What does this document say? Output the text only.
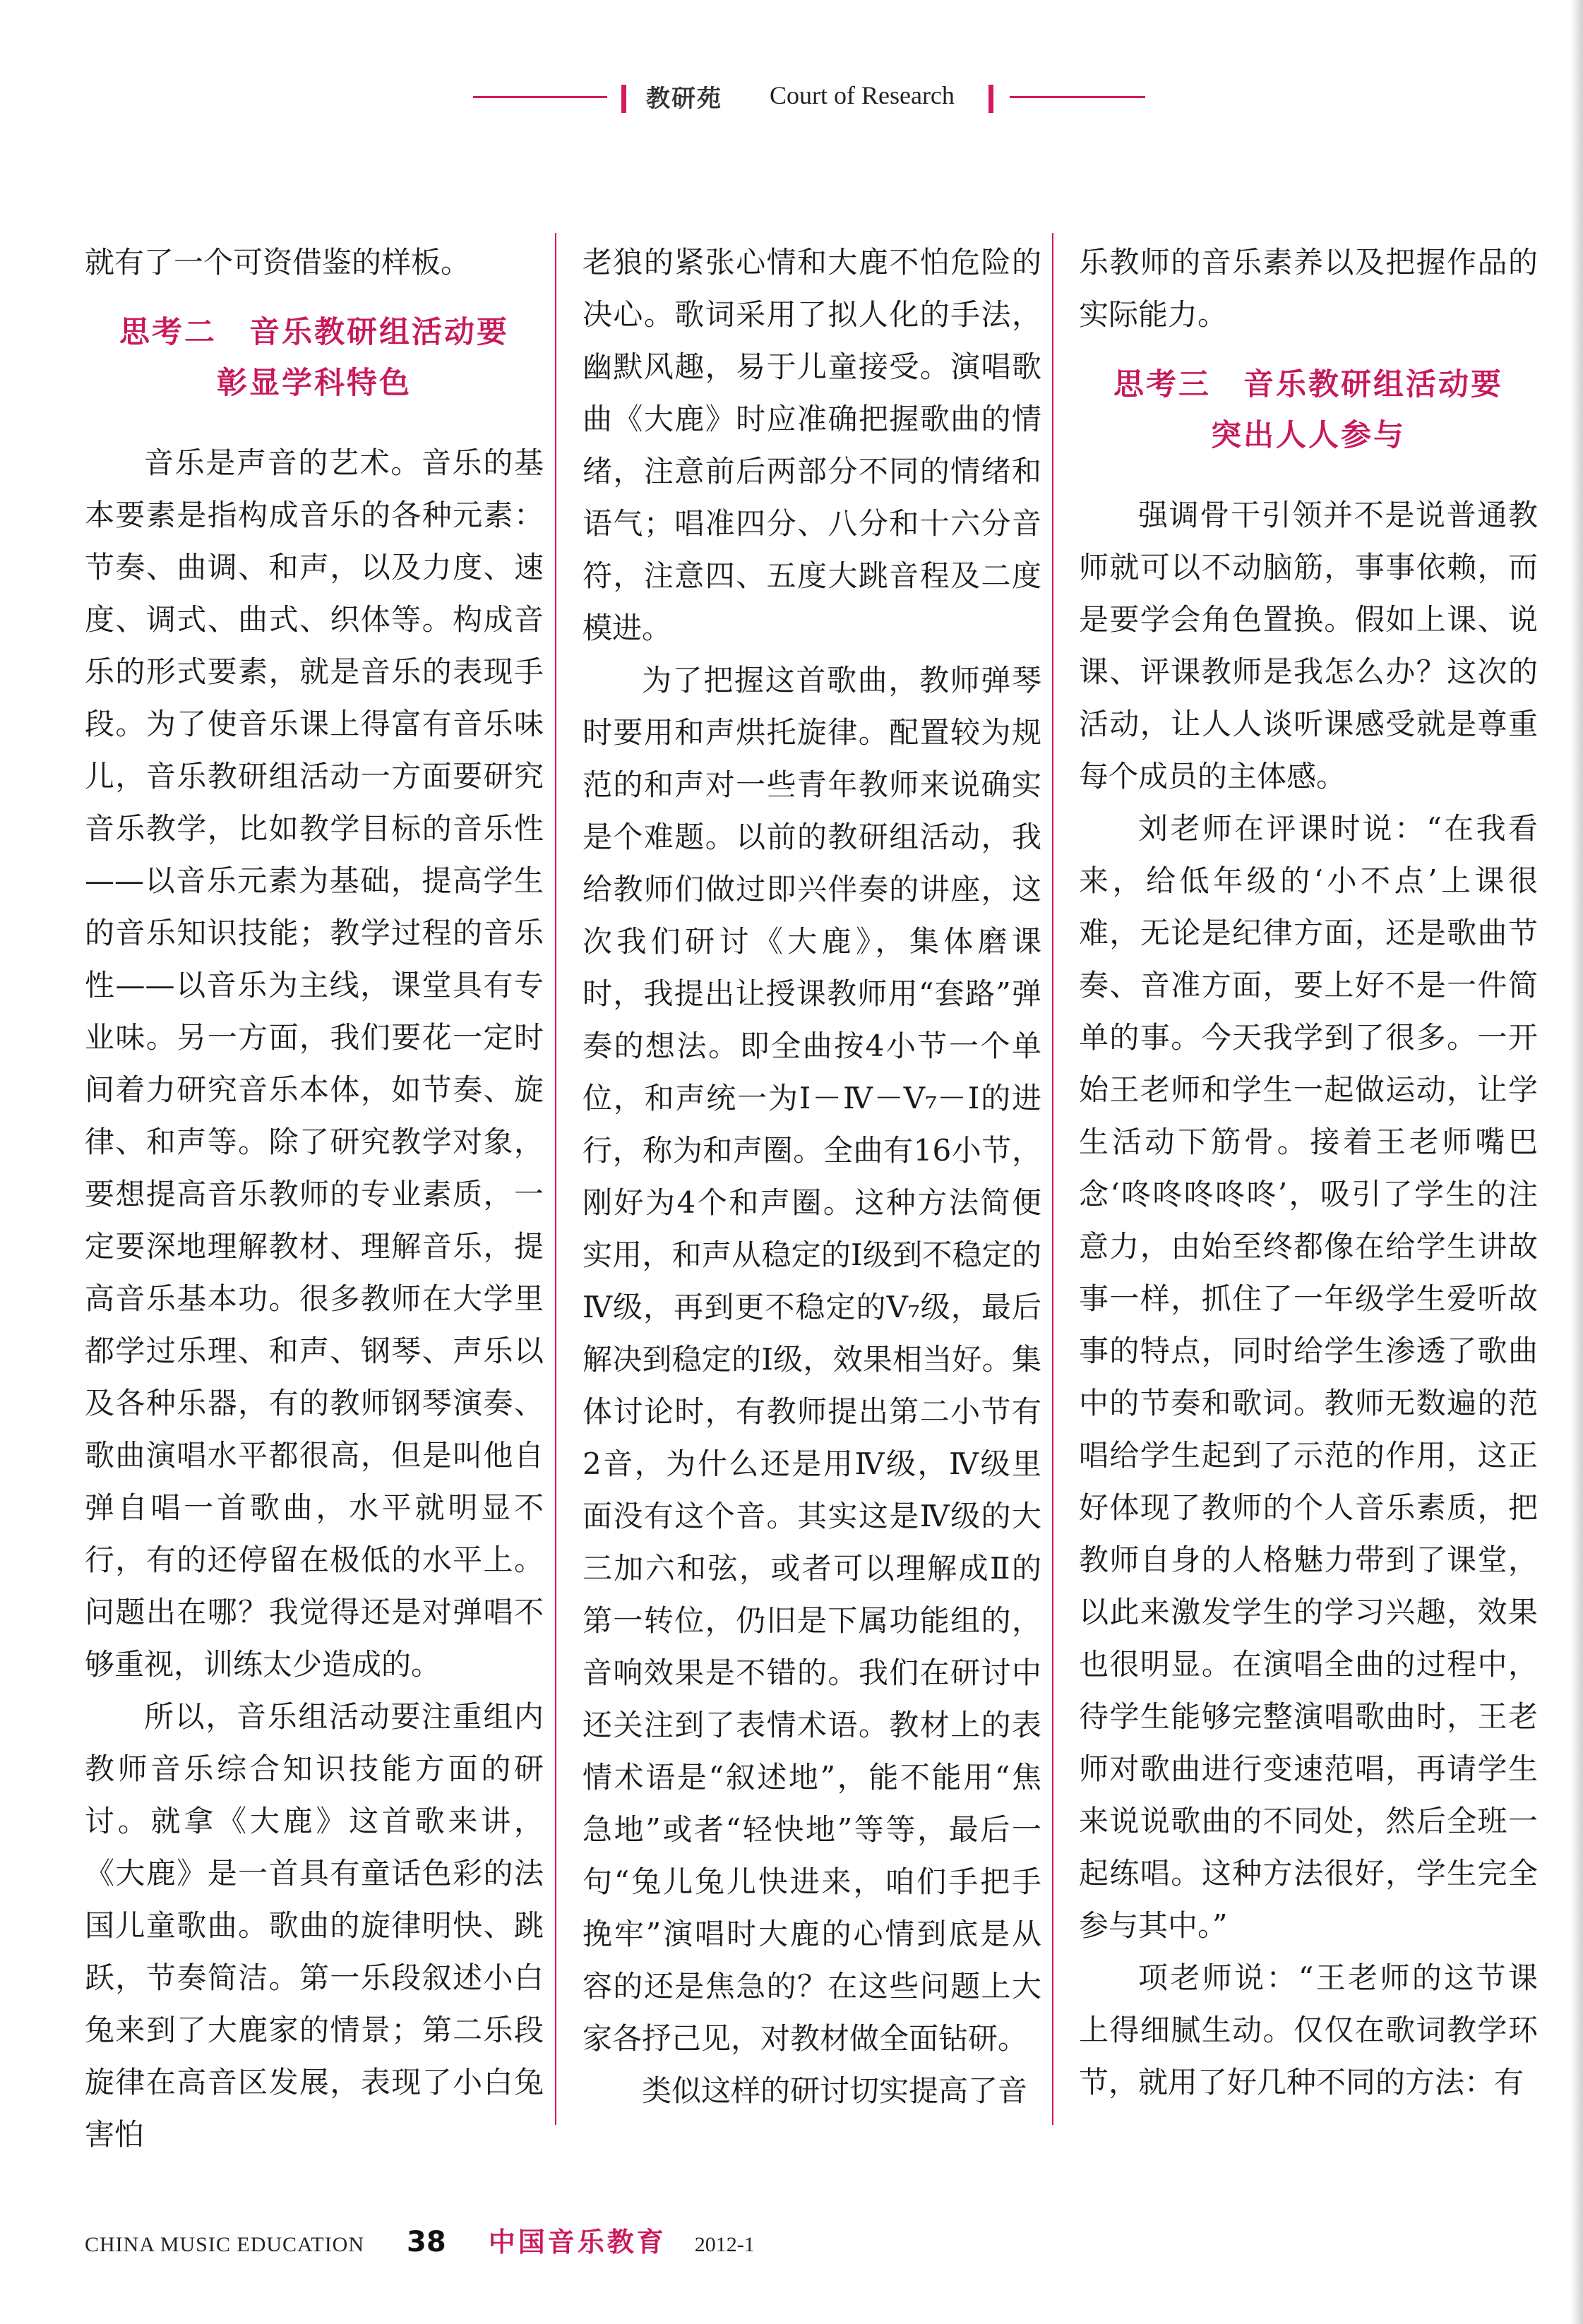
教研苑 Court of Research

就有了一个可资借鉴的样板。

思考二　音乐教研组活动要
彰显学科特色

音乐是声音的艺术。音乐的基本要素是指构成音乐的各种元素：节奏、曲调、和声，以及力度、速度、调式、曲式、织体等。构成音乐的形式要素，就是音乐的表现手段。为了使音乐课上得富有音乐味儿，音乐教研组活动一方面要研究音乐教学，比如教学目标的音乐性——以音乐元素为基础，提高学生的音乐知识技能；教学过程的音乐性——以音乐为主线，课堂具有专业味。另一方面，我们要花一定时间着力研究音乐本体，如节奏、旋律、和声等。除了研究教学对象，要想提高音乐教师的专业素质，一定要深地理解教材、理解音乐，提高音乐基本功。很多教师在大学里都学过乐理、和声、钢琴、声乐以及各种乐器，有的教师钢琴演奏、歌曲演唱水平都很高，但是叫他自弹自唱一首歌曲，水平就明显不行，有的还停留在极低的水平上。问题出在哪？我觉得还是对弹唱不够重视，训练太少造成的。

所以，音乐组活动要注重组内教师音乐综合知识技能方面的研讨。就拿《大鹿》这首歌来讲，《大鹿》是一首具有童话色彩的法国儿童歌曲。歌曲的旋律明快、跳跃，节奏简洁。第一乐段叙述小白兔来到了大鹿家的情景；第二乐段旋律在高音区发展，表现了小白兔害怕

老狼的紧张心情和大鹿不怕危险的决心。歌词采用了拟人化的手法，幽默风趣，易于儿童接受。演唱歌曲《大鹿》时应准确把握歌曲的情绪，注意前后两部分不同的情绪和语气；唱准四分、八分和十六分音符，注意四、五度大跳音程及二度模进。

为了把握这首歌曲，教师弹琴时要用和声烘托旋律。配置较为规范的和声对一些青年教师来说确实是个难题。以前的教研组活动，我给教师们做过即兴伴奏的讲座，这次我们研讨《大鹿》，集体磨课时，我提出让授课教师用“套路”弹奏的想法。即全曲按4小节一个单位，和声统一为Ⅰ－Ⅳ－V₇－Ⅰ的进行，称为和声圈。全曲有16小节，刚好为4个和声圈。这种方法简便实用，和声从稳定的Ⅰ级到不稳定的Ⅳ级，再到更不稳定的V₇级，最后解决到稳定的Ⅰ级，效果相当好。集体讨论时，有教师提出第二小节有2音，为什么还是用Ⅳ级，Ⅳ级里面没有这个音。其实这是Ⅳ级的大三加六和弦，或者可以理解成Ⅱ的第一转位，仍旧是下属功能组的，音响效果是不错的。我们在研讨中还关注到了表情术语。教材上的表情术语是“叙述地”，能不能用“焦急地”或者“轻快地”等等，最后一句“兔儿兔儿快进来，咱们手把手挽牢”演唱时大鹿的心情到底是从容的还是焦急的？在这些问题上大家各抒己见，对教材做全面钻研。

类似这样的研讨切实提高了音

乐教师的音乐素养以及把握作品的实际能力。

思考三　音乐教研组活动要
突出人人参与

强调骨干引领并不是说普通教师就可以不动脑筋，事事依赖，而是要学会角色置换。假如上课、说课、评课教师是我怎么办？这次的活动，让人人谈听课感受就是尊重每个成员的主体感。

刘老师在评课时说：“在我看来，给低年级的‘小不点’上课很难，无论是纪律方面，还是歌曲节奏、音准方面，要上好不是一件简单的事。今天我学到了很多。一开始王老师和学生一起做运动，让学生活动下筋骨。接着王老师嘴巴念‘咚咚咚咚咚’，吸引了学生的注意力，由始至终都像在给学生讲故事一样，抓住了一年级学生爱听故事的特点，同时给学生渗透了歌曲中的节奏和歌词。教师无数遍的范唱给学生起到了示范的作用，这正好体现了教师的个人音乐素质，把教师自身的人格魅力带到了课堂，以此来激发学生的学习兴趣，效果也很明显。在演唱全曲的过程中，待学生能够完整演唱歌曲时，王老师对歌曲进行变速范唱，再请学生来说说歌曲的不同处，然后全班一起练唱。这种方法很好，学生完全参与其中。”

项老师说：“王老师的这节课上得细腻生动。仅仅在歌词教学环节，就用了好几种不同的方法：有

CHINA MUSIC EDUCATION 38 中国音乐教育 2012-1
